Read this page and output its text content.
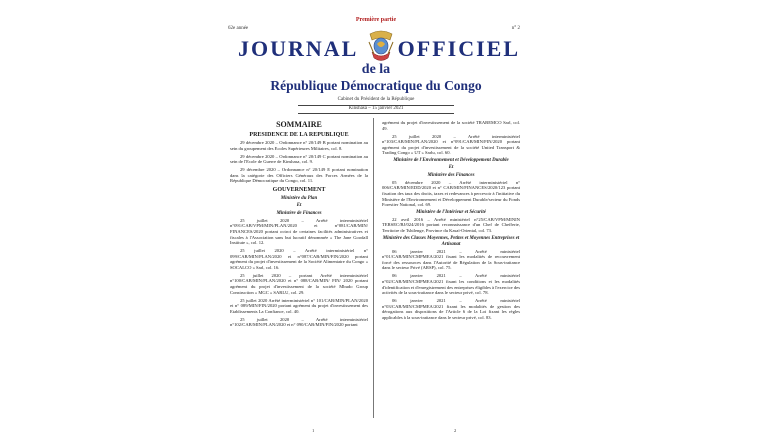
Première partie
62e année	n° 2
JOURNAL OFFICIEL
de la
République Démocratique du Congo
Cabinet du Président de la République
Kinshasa – 15 janvier 2021
SOMMAIRE
PRESIDENCE DE LA REPUBLIQUE

29 décembre 2020 – Ordonnance n° 20/149 B portant nomination au sein du groupement des Ecoles Supérieures Militaires, col. 8.

29 décembre 2020 – Ordonnance n° 20/149 C portant nomination au sein de l'Ecole de Guerre de Kinshasa, col. 9.

29 décembre 2020 – Ordonnance n° 20/149 E portant nomination dans la catégorie des Officiers Généraux des Forces Armées de la République Démocratique du Congo, col. 11.

GOUVERNEMENT
Ministère du Plan
Et
Ministère de Finances

25 juillet 2020 – Arrêté interministériel n°091/CAB/VPM/MIN/PLAN/2020 et n°081/CAB/MIN/ FINANCES/2020 portant octroi de certaines facilités administratives et fiscales à l'Association sans but lucratif dénommée « The Jane Goodall Institute », col. 12.

25 juillet 2020 – Arrêté interministériel n° 099/CAB/MIN/PLAN/2020 et n°087/CAB/MIN/FIN/2020 portant agrément du projet d'investissement de la Société Alimentaire du Congo « SOCALCO » Sarl, col. 16.

25 juillet 2020 – portant Arrêté interministériel n°100/CAB/MIN/PLAN/2020 et n° 088/CAB/MIN/ FIN/ 2020 portant agrément du projet d'investissement de la société Mbudo Group Construction « MGC » SARLU, col. 29.

25 juillet 2020 Arrêté interministériel n° 101/CAB/MIN/PLAN/2020 et n° 089/MIN/FIN/2020 portant agrément du projet d'investissement des Etablissements La Confiance, col. 40.

25 juillet 2020 – Arrêté interministériel n°102/CAB/MIN/PLAN/2020 et n° 090/CAB/MIN/FIN/2020 portant

agrément du projet d'investissement de la société TRABEMCO Sarl, col. 49.

25 juillet 2020 – Arrêté interministériel n°103/CAB/MIN/PLAN/2020 et n°091/CAB/MIN/FIN/2020 portant agrément du projet d'investissement de la société United Transport & Trading Congo « UT » Sarlu, col. 60.

Ministère de l'Environnement et Développement Durable
Et
Ministère des Finances

05 décembre 2020 – Arrêté interministériel n° 006/CAB/MIN/EDD/2020 et n° CAB/MIN/FINANCES/2020/123 portant fixation des taux des droits, taxes et redevances à percevoir à l'initiative du Ministère de l'Environnement et Développement Durable/secteur du Fonds Forestier National, col. 69.

Ministère de l'Intérieur et Sécurité

22 avril 2016 – Arrêté ministériel n°25/CAB/VPM/MININ TERSEC/BJ/024/2016 portant reconnaissance d'un Chef de Chefferie, Territoire de Tshilenge, Province du Kasaï-Oriental, col. 73.

Ministère des Classes Moyennes, Petites et Moyennes Entreprises et Artisanat

06 janvier 2021 – Arrêté ministériel n°01/CAB/MIN/CMPMEA/2021 fixant les modalités de recouvrement forcé des ressources dans l'Autorité de Régulation de la Sous-traitance dans le secteur Privé (ARSP), col. 75.

06 janvier 2021 – Arrêté ministériel n°02/CAB/MIN/CMPMEA/2021 fixant les conditions et les modalités d'identification et d'enregistrement des entreprises éligibles à l'exercice des activités de la sous-traitance dans le secteur privé, col. 78.

06 janvier 2021 – Arrêté ministériel n°03/CAB/MIN/CMPMEA/2021 fixant les modalités de gestion des dérogations aux dispositions de l'Article 6 de la Loi fixant les règles applicables à la sous-traitance dans le secteur privé, col. 83.

1	2
